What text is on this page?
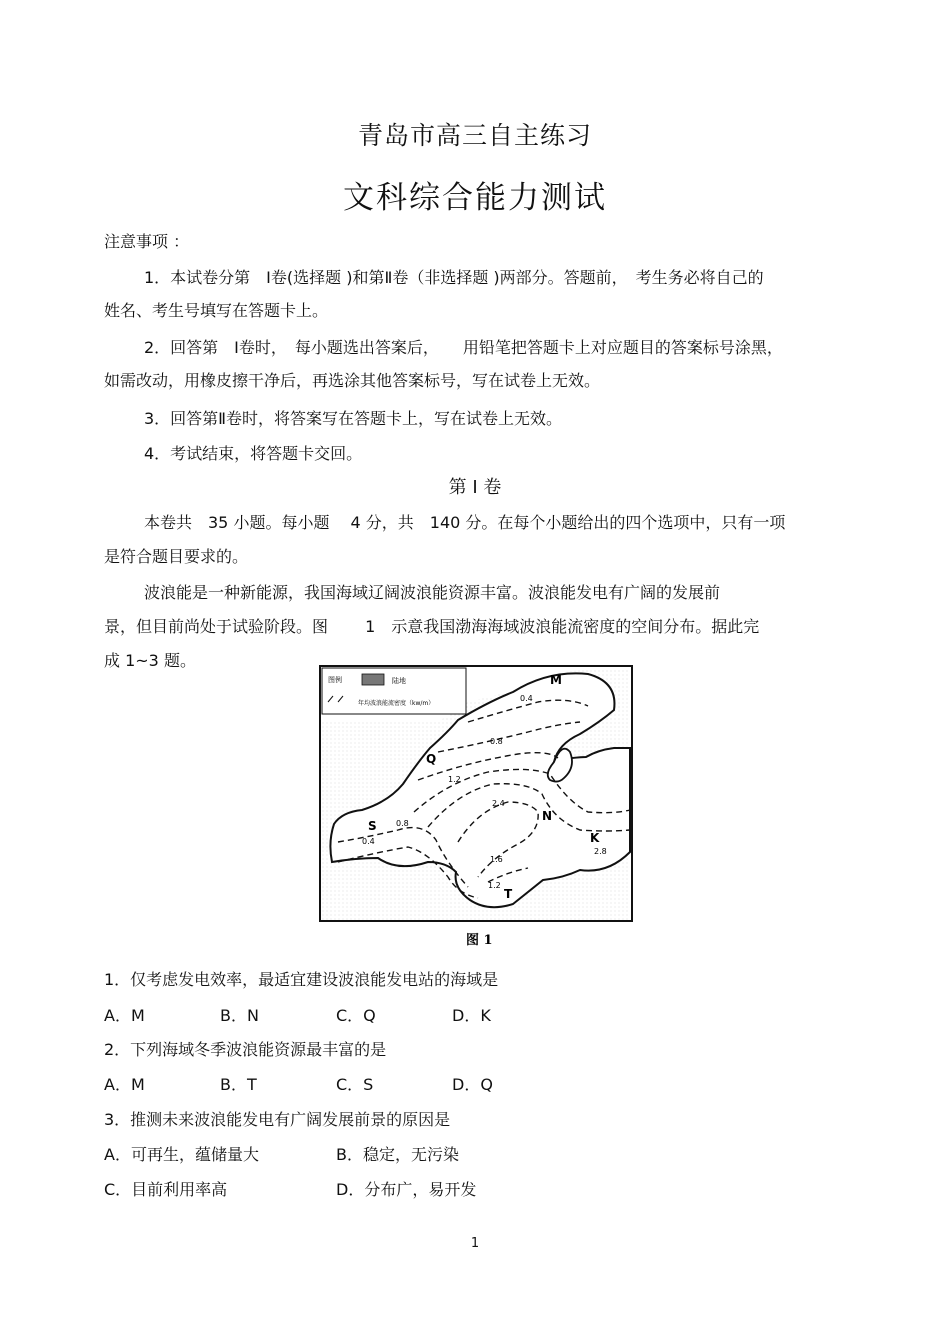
青岛市高三自主练习
文科综合能力测试
注意事项 ：
1．本试卷分第　Ⅰ卷(选择题 )和第Ⅱ卷（非选择题 )两部分。答题前，　考生务必将自己的
姓名、考生号填写在答题卡上。
2．回答第　Ⅰ卷时，　每小题选出答案后，　　用铅笔把答题卡上对应题目的答案标号涂黑，
如需改动，用橡皮擦干净后，再选涂其他答案标号，写在试卷上无效。
3．回答第Ⅱ卷时，将答案写在答题卡上，写在试卷上无效。
4．考试结束，将答题卡交回。
第 Ⅰ 卷
本卷共　35 小题。每小题　 4 分，共　140 分。在每个小题给出的四个选项中，只有一项
是符合题目要求的。
波浪能是一种新能源，我国海域辽阔波浪能资源丰富。波浪能发电有广阔的发展前
景，但目前尚处于试验阶段。图　　 1　示意我国渤海海域波浪能流密度的空间分布。据此完
成 1~3 题。
图例	陆地
年均波浪能流密度（kw/m）
M
Q
N
S
K
T
0.4
0.8
1.2
2.4
0.8
0.4
1.6
1.2
2.8
图 1
1．仅考虑发电效率，最适宜建设波浪能发电站的海域是
A．M	B．N	C．Q	D．K
2．下列海域冬季波浪能资源最丰富的是
A．M	B．T	C．S	D．Q
3．推测未来波浪能发电有广阔发展前景的原因是
A．可再生，蕴储量大	B．稳定，无污染
C．目前利用率高	D．分布广，易开发
1
